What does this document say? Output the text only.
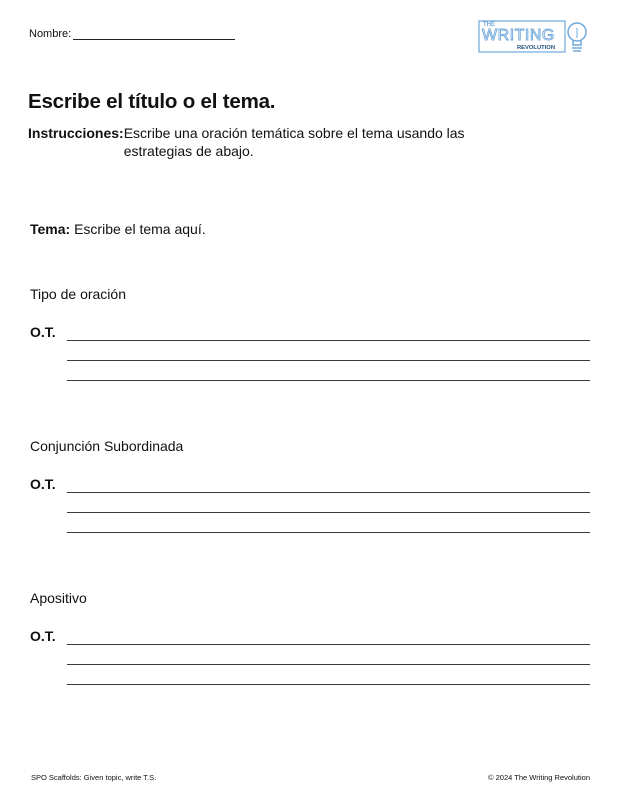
Nombre:
THE
WRITING
REVOLUTION
Escribe el título o el tema.
Instrucciones: Escribe una oración temática sobre el tema usando las estrategias de abajo.
Tema: Escribe el tema aquí.
Tipo de oración
O.T.
Conjunción Subordinada
O.T.
Apositivo
O.T.
SPO Scaffolds: Given topic, write T.S.	© 2024 The Writing Revolution
